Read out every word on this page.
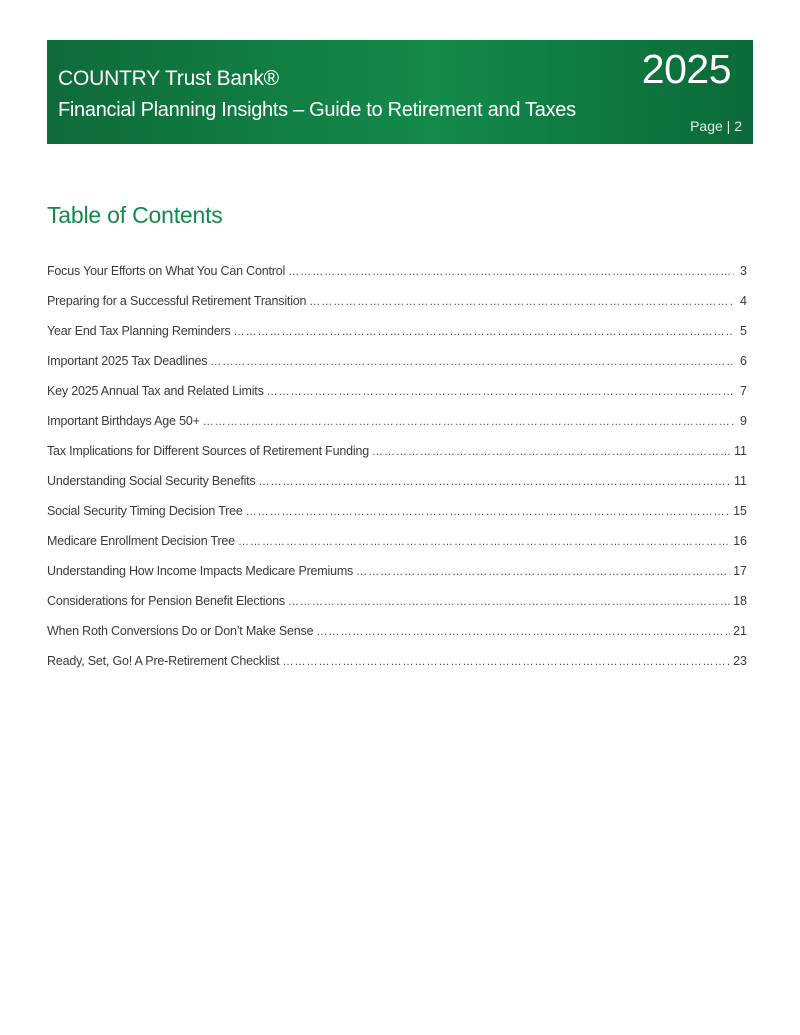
COUNTRY Trust Bank®
Financial Planning Insights – Guide to Retirement and Taxes
2025
Page | 2
Table of Contents
Focus Your Efforts on What You Can Control ……………………………………………………………………………………………………………………………………………………………………………………………………………	3
Preparing for a Successful Retirement Transition ……………………………………………………………………………………………………………………………………………………………………………………………………………	4
Year End Tax Planning Reminders ……………………………………………………………………………………………………………………………………………………………………………………………………………	5
Important 2025 Tax Deadlines ……………………………………………………………………………………………………………………………………………………………………………………………………………	6
Key 2025 Annual Tax and Related Limits ……………………………………………………………………………………………………………………………………………………………………………………………………………	7
Important Birthdays Age 50+ ……………………………………………………………………………………………………………………………………………………………………………………………………………	9
Tax Implications for Different Sources of Retirement Funding ……………………………………………………………………………………………………………………………………………………………………………………………………………	11
Understanding Social Security Benefits ……………………………………………………………………………………………………………………………………………………………………………………………………………	11
Social Security Timing Decision Tree ……………………………………………………………………………………………………………………………………………………………………………………………………………	15
Medicare Enrollment Decision Tree ……………………………………………………………………………………………………………………………………………………………………………………………………………	16
Understanding How Income Impacts Medicare Premiums ……………………………………………………………………………………………………………………………………………………………………………………………………………	17
Considerations for Pension Benefit Elections ……………………………………………………………………………………………………………………………………………………………………………………………………………	18
When Roth Conversions Do or Don’t Make Sense ……………………………………………………………………………………………………………………………………………………………………………………………………………	21
Ready, Set, Go! A Pre-Retirement Checklist ……………………………………………………………………………………………………………………………………………………………………………………………………………	23
